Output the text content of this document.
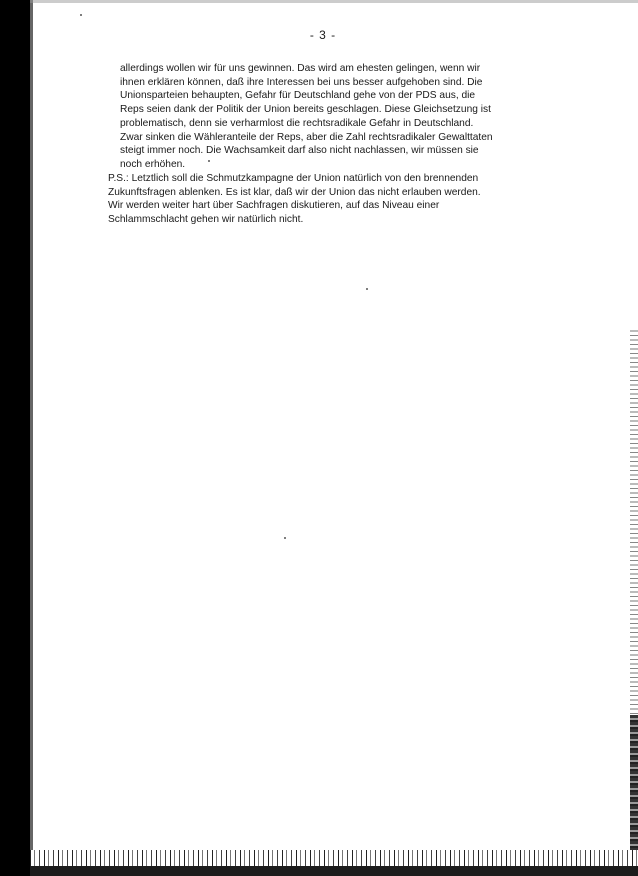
- 3 -
allerdings wollen wir für uns gewinnen. Das wird am ehesten gelingen, wenn wir
ihnen erklären können, daß ihre Interessen bei uns besser aufgehoben sind. Die
Unionsparteien behaupten, Gefahr für Deutschland gehe von der PDS aus, die
Reps seien dank der Politik der Union bereits geschlagen. Diese Gleichsetzung ist
problematisch, denn sie verharmlost die rechtsradikale Gefahr in Deutschland.
Zwar sinken die Wähleranteile der Reps, aber die Zahl rechtsradikaler Gewalttaten
steigt immer noch. Die Wachsamkeit darf also nicht nachlassen, wir müssen sie
noch erhöhen.
P.S.: Letztlich soll die Schmutzkampagne der Union natürlich von den brennenden
Zukunftsfragen ablenken. Es ist klar, daß wir der Union das nicht erlauben werden.
Wir werden weiter hart über Sachfragen diskutieren, auf das Niveau einer
Schlammschlacht gehen wir natürlich nicht.
